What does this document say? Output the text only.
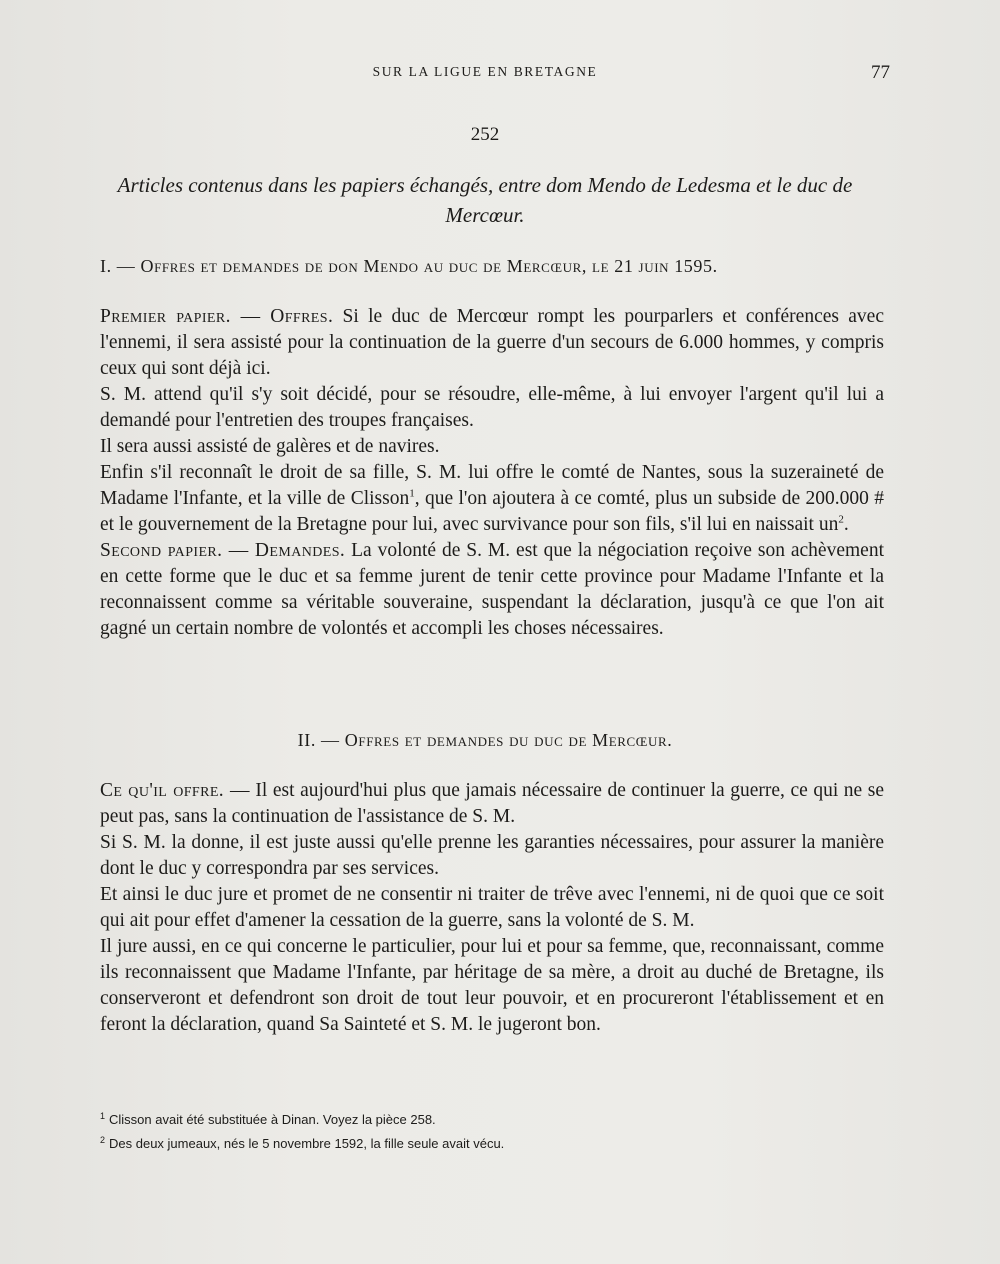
SUR LA LIGUE EN BRETAGNE	77
252
Articles contenus dans les papiers échangés, entre dom Mendo de Ledesma et le duc de Mercœur.
I. — Offres et demandes de don Mendo au duc de Mercœur, le 21 juin 1595.

Premier papier. — Offres. Si le duc de Mercœur rompt les pourparlers et conférences avec l'ennemi, il sera assisté pour la continuation de la guerre d'un secours de 6.000 hommes, y compris ceux qui sont déjà ici.

S. M. attend qu'il s'y soit décidé, pour se résoudre, elle-même, à lui envoyer l'argent qu'il lui a demandé pour l'entretien des troupes françaises.

Il sera aussi assisté de galères et de navires.

Enfin s'il reconnaît le droit de sa fille, S. M. lui offre le comté de Nantes, sous la suzeraineté de Madame l'Infante, et la ville de Clisson$^1$, que l'on ajoutera à ce comté, plus un subside de 200.000 # et le gouvernement de la Bretagne pour lui, avec survivance pour son fils, s'il lui en naissait $un^2$.

Second papier. — Demandes. La volonté de S. M. est que la négociation reçoive son achèvement en cette forme que le duc et sa femme jurent de tenir cette province pour Madame l'Infante et la reconnaissent comme sa véritable souveraine, suspendant la déclaration, jusqu'à ce que l'on ait gagné un certain nombre de volontés et accompli les choses nécessaires.

II. — Offres et demandes du duc de Mercœur.

Ce qu'il offre. — Il est aujourd'hui plus que jamais nécessaire de continuer la guerre, ce qui ne se peut pas, sans la continuation de l'assistance de S. M.

Si S. M. la donne, il est juste aussi qu'elle prenne les garanties nécessaires, pour assurer la manière dont le duc y correspondra par ses services.

Et ainsi le duc jure et promet de ne consentir ni traiter de trêve avec l'ennemi, ni de quoi que ce soit qui ait pour effet d'amener la cessation de la guerre, sans la volonté de S. M.

Il jure aussi, en ce qui concerne le particulier, pour lui et pour sa femme, que, reconnaissant, comme ils reconnaissent que Madame l'Infante, par héritage de sa mère, a droit au duché de Bretagne, ils conserveront et defendront son droit de tout leur pouvoir, et en procureront l'établissement et en feront la déclaration, quand Sa Sainteté et S. M. le jugeront bon.

$^1$ Clisson avait été substituée à Dinan. Voyez la pièce 258.

$^2$ Des deux jumeaux, nés le 5 novembre 1592, la fille seule avait vécu.
